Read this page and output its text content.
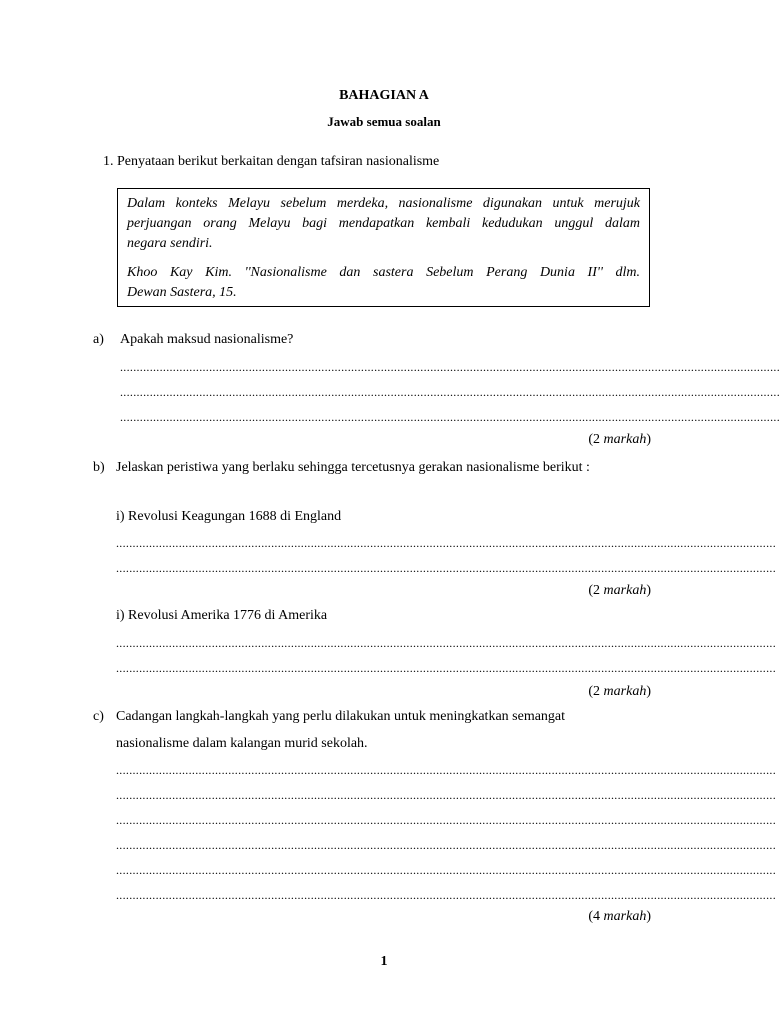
BAHAGIAN A
Jawab semua soalan
1. Penyataan berikut berkaitan dengan tafsiran nasionalisme

Dalam konteks Melayu sebelum merdeka, nasionalisme digunakan untuk merujuk

perjuangan orang Melayu bagi mendapatkan kembali kedudukan unggul dalam

negara sendiri.

Khoo Kay Kim. ''Nasionalisme dan sastera Sebelum Perang Dunia II'' dlm.

Dewan Sastera, 15.

a) Apakah maksud nasionalisme?
........................................................................................................................................................................................................
........................................................................................................................................................................................................
........................................................................................................................................................................................................
(2 markah)
b) Jelaskan peristiwa yang berlaku sehingga tercetusnya gerakan nasionalisme berikut :
i) Revolusi Keagungan 1688 di England
........................................................................................................................................................................................................
........................................................................................................................................................................................................
(2 markah)
i) Revolusi Amerika 1776 di Amerika
........................................................................................................................................................................................................
........................................................................................................................................................................................................
(2 markah)
c) Cadangan langkah-langkah yang perlu dilakukan untuk meningkatkan semangat
nasionalisme dalam kalangan murid sekolah.
........................................................................................................................................................................................................
........................................................................................................................................................................................................
........................................................................................................................................................................................................
........................................................................................................................................................................................................
........................................................................................................................................................................................................
........................................................................................................................................................................................................
(4 markah)
1
